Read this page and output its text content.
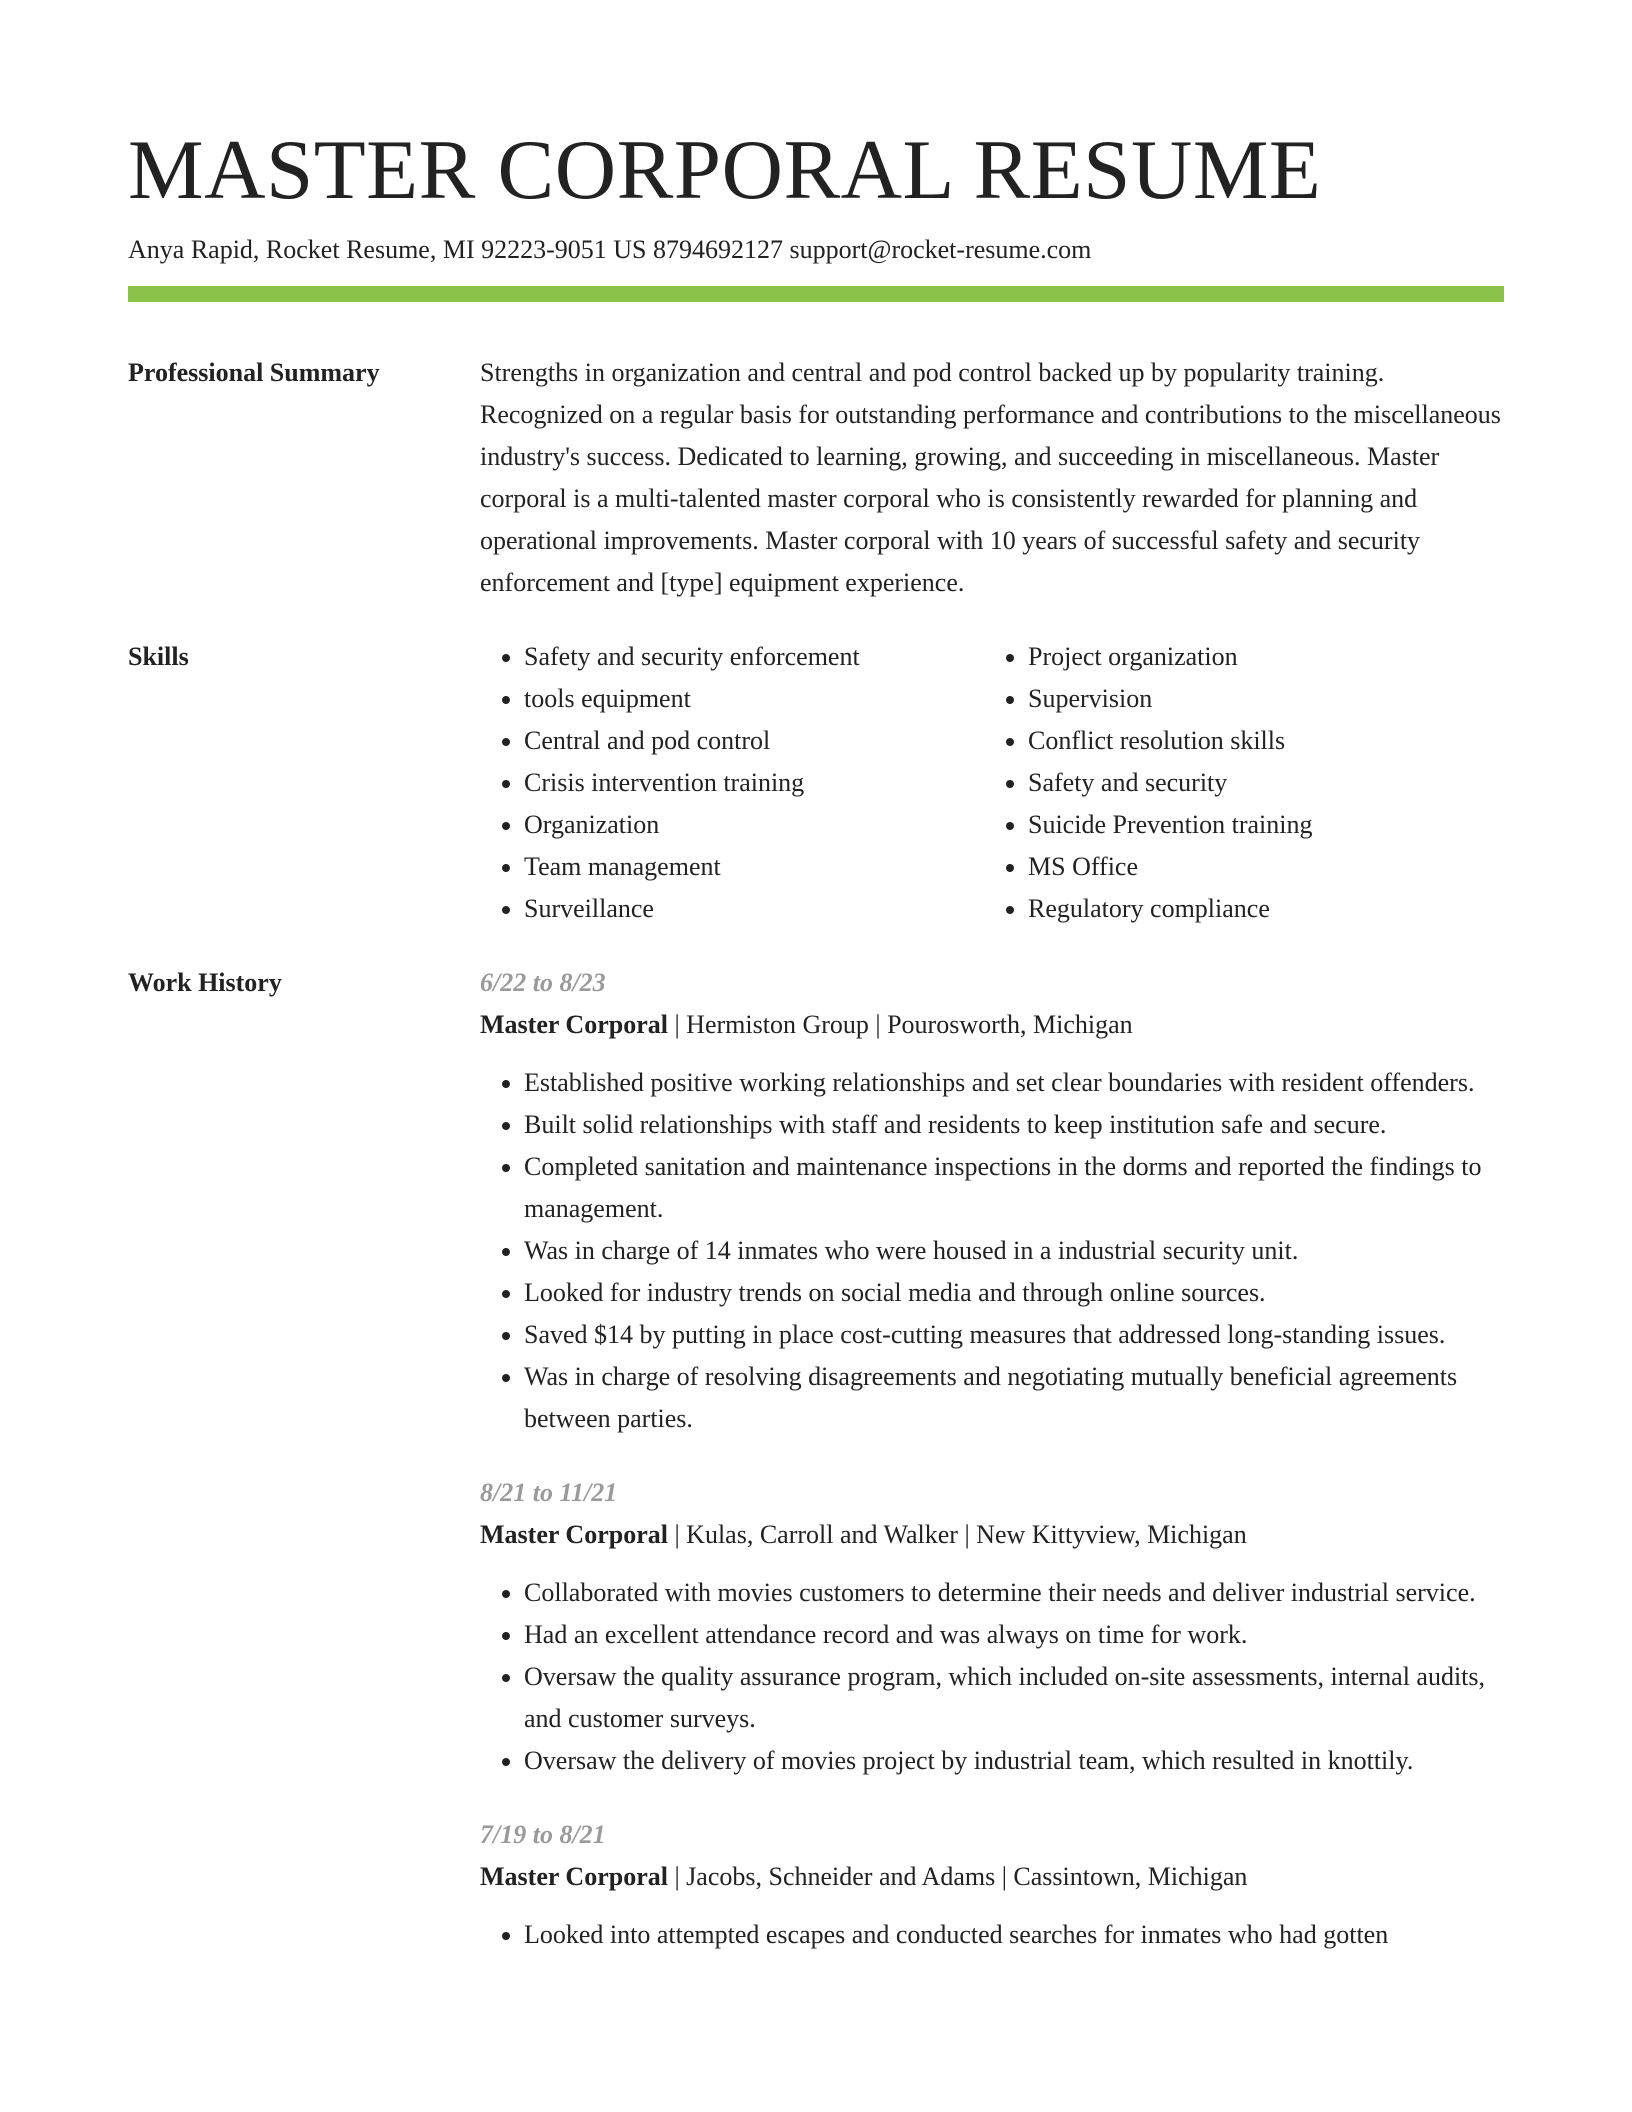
MASTER CORPORAL RESUME
Anya Rapid, Rocket Resume, MI 92223-9051 US 8794692127 support@rocket-resume.com
Professional Summary	Strengths in organization and central and pod control backed up by popularity training. Recognized on a regular basis for outstanding performance and contributions to the miscellaneous industry's success. Dedicated to learning, growing, and succeeding in miscellaneous. Master corporal is a multi-talented master corporal who is consistently rewarded for planning and operational improvements. Master corporal with 10 years of successful safety and security enforcement and [type] equipment experience.
Skills
•	Safety and security enforcement
• tools equipment
• Central and pod control
• Crisis intervention training
• Organization
• Team management
• Surveillance
• Project organization
• Supervision
• Conflict resolution skills
• Safety and security
• Suicide Prevention training
• MS Office
• Regulatory compliance
Work History	6/22 to 8/23
Master Corporal | Hermiston Group | Pourosworth, Michigan
• Established positive working relationships and set clear boundaries with resident offenders.
• Built solid relationships with staff and residents to keep institution safe and secure.
• Completed sanitation and maintenance inspections in the dorms and reported the findings to management.
• Was in charge of 14 inmates who were housed in a industrial security unit.
• Looked for industry trends on social media and through online sources.
• Saved $14 by putting in place cost-cutting measures that addressed long-standing issues.
• Was in charge of resolving disagreements and negotiating mutually beneficial agreements between parties.
8/21 to 11/21
Master Corporal | Kulas, Carroll and Walker | New Kittyview, Michigan
• Collaborated with movies customers to determine their needs and deliver industrial service.
• Had an excellent attendance record and was always on time for work.
• Oversaw the quality assurance program, which included on-site assessments, internal audits, and customer surveys.
• Oversaw the delivery of movies project by industrial team, which resulted in knottily.
7/19 to 8/21
Master Corporal | Jacobs, Schneider and Adams | Cassintown, Michigan
• Looked into attempted escapes and conducted searches for inmates who had gotten
